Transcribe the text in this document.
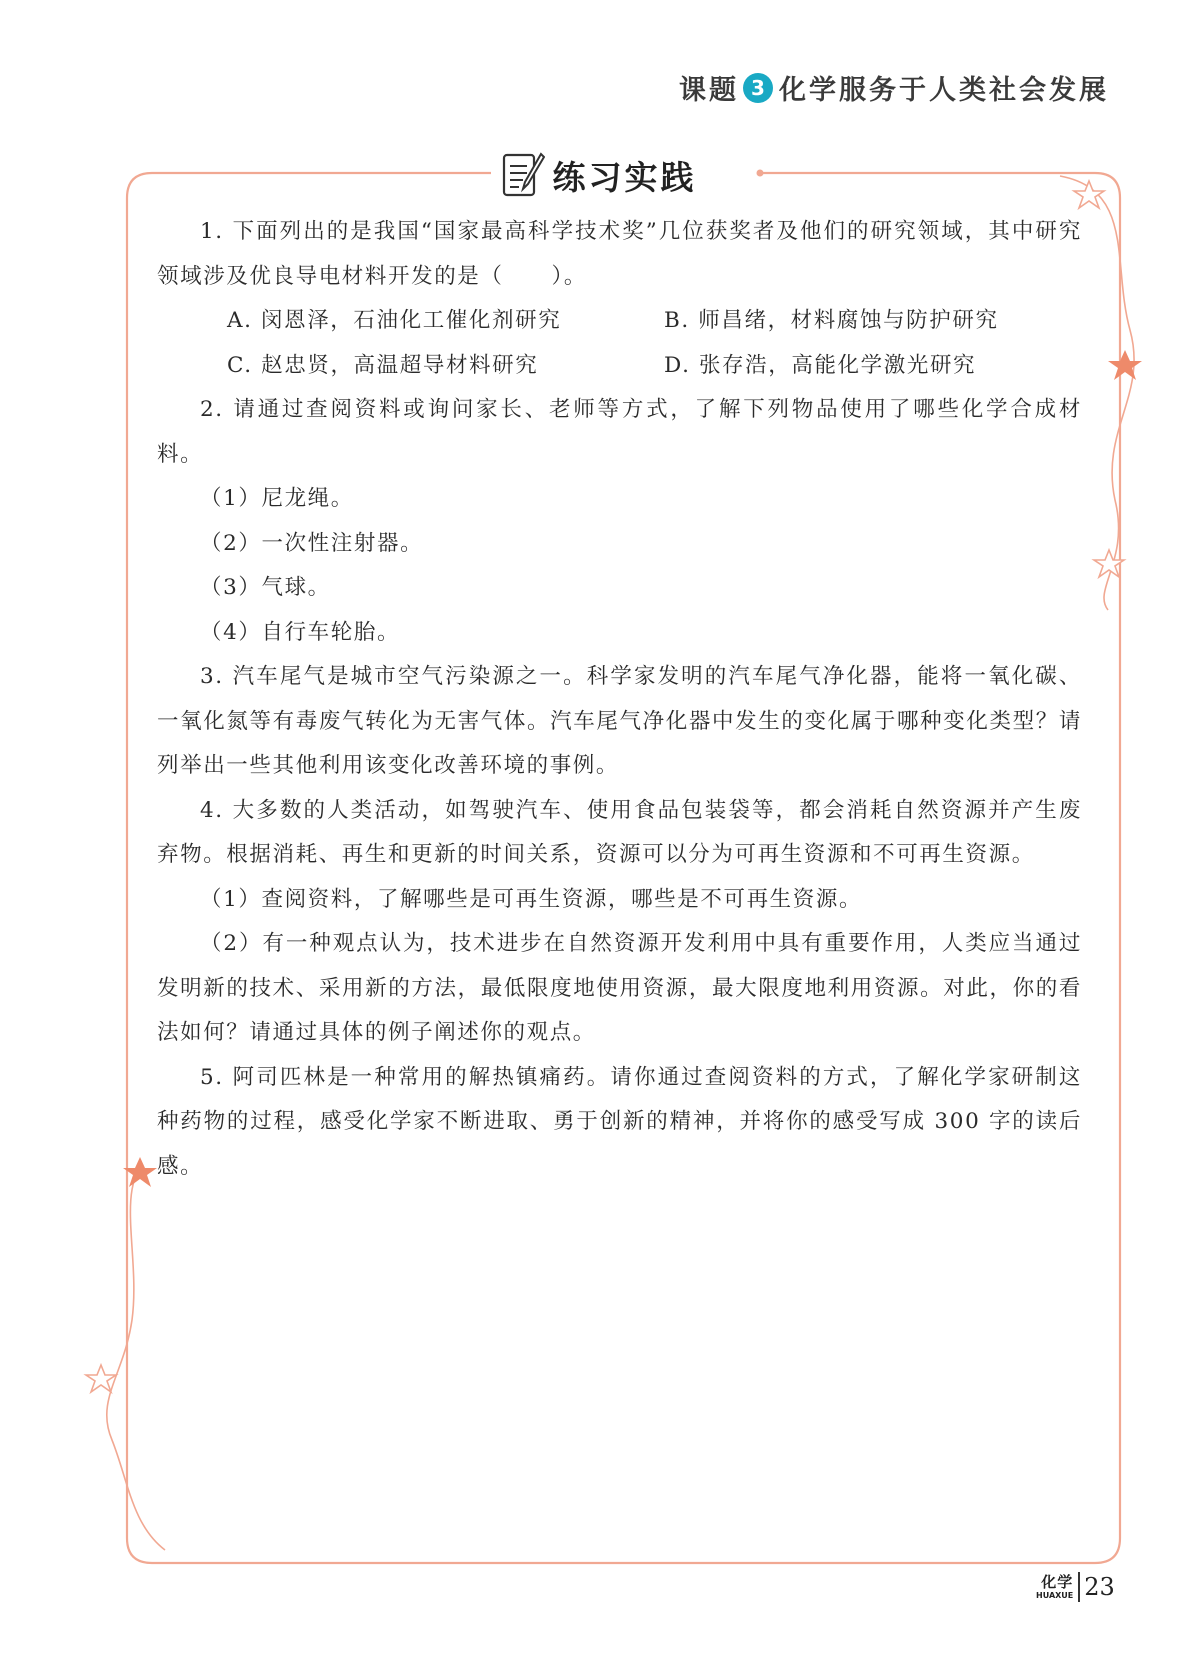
课题 3 化学服务于人类社会发展
练习实践

1. 下面列出的是我国“国家最高科学技术奖”几位获奖者及他们的研究领域，其中研究领域涉及优良导电材料开发的是（ ）。

A. 闵恩泽，石油化工催化剂研究	B. 师昌绪，材料腐蚀与防护研究
C. 赵忠贤，高温超导材料研究	D. 张存浩，高能化学激光研究

2. 请通过查阅资料或询问家长、老师等方式，了解下列物品使用了哪些化学合成材料。

（1）尼龙绳。

（2）一次性注射器。

（3）气球。

（4）自行车轮胎。

3. 汽车尾气是城市空气污染源之一。科学家发明的汽车尾气净化器，能将一氧化碳、一氧化氮等有毒废气转化为无害气体。汽车尾气净化器中发生的变化属于哪种变化类型？请列举出一些其他利用该变化改善环境的事例。

4. 大多数的人类活动，如驾驶汽车、使用食品包装袋等，都会消耗自然资源并产生废弃物。根据消耗、再生和更新的时间关系，资源可以分为可再生资源和不可再生资源。

（1）查阅资料，了解哪些是可再生资源，哪些是不可再生资源。

（2）有一种观点认为，技术进步在自然资源开发利用中具有重要作用，人类应当通过发明新的技术、采用新的方法，最低限度地使用资源，最大限度地利用资源。对此，你的看法如何？请通过具体的例子阐述你的观点。

5. 阿司匹林是一种常用的解热镇痛药。请你通过查阅资料的方式，了解化学家研制这种药物的过程，感受化学家不断进取、勇于创新的精神，并将你的感受写成 300 字的读后感。

化学
HUAXUE 23
